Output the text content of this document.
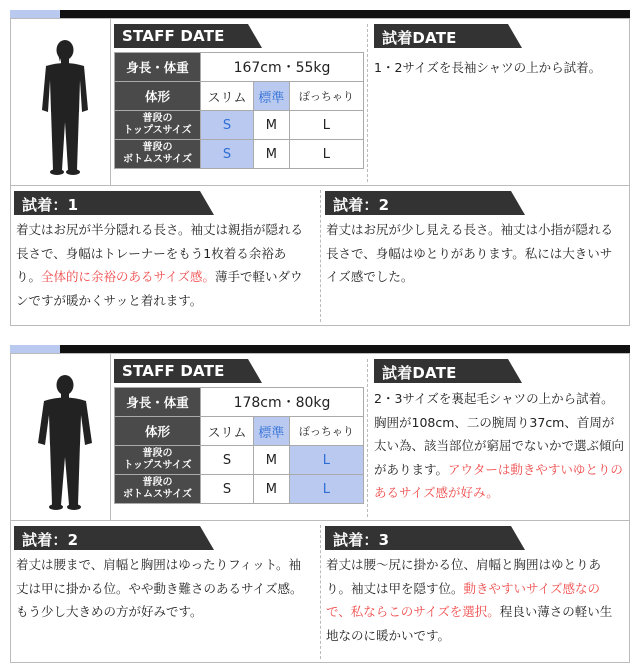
STAFF DATE
身長・体重	167cm・55kg		
体形	スリム	標準	ぽっちゃり
普段の
トップスサイズ	S	M	L
普段の
ボトムスサイズ	S	M	L
試着DATE
1・2サイズを長袖シャツの上から試着。
試着：1
着丈はお尻が半分隠れる長さ。袖丈は親指が隠れる長さで、身幅はトレーナーをもう1枚着る余裕あり。全体的に余裕のあるサイズ感。薄手で軽いダウンですが暖かくサッと着れます。
試着：2
着丈はお尻が少し見える長さ。袖丈は小指が隠れる長さで、身幅はゆとりがあります。私には大きいサイズ感でした。
STAFF DATE
身長・体重	178cm・80kg		
体形	スリム	標準	ぽっちゃり
普段の
トップスサイズ	S	M	L
普段の
ボトムスサイズ	S	M	L
試着DATE
2・3サイズを裏起毛シャツの上から試着。胸囲が108cm、二の腕周り37cm、首周が太い為、該当部位が窮屈でないかで選ぶ傾向があります。アウターは動きやすいゆとりのあるサイズ感が好み。
試着：2
着丈は腰まで、肩幅と胸囲はゆったりフィット。袖丈は甲に掛かる位。やや動き難さのあるサイズ感。もう少し大きめの方が好みです。
試着：3
着丈は腰〜尻に掛かる位、肩幅と胸囲はゆとりあり。袖丈は甲を隠す位。動きやすいサイズ感なので、私ならこのサイズを選択。程良い薄さの軽い生地なのに暖かいです。
